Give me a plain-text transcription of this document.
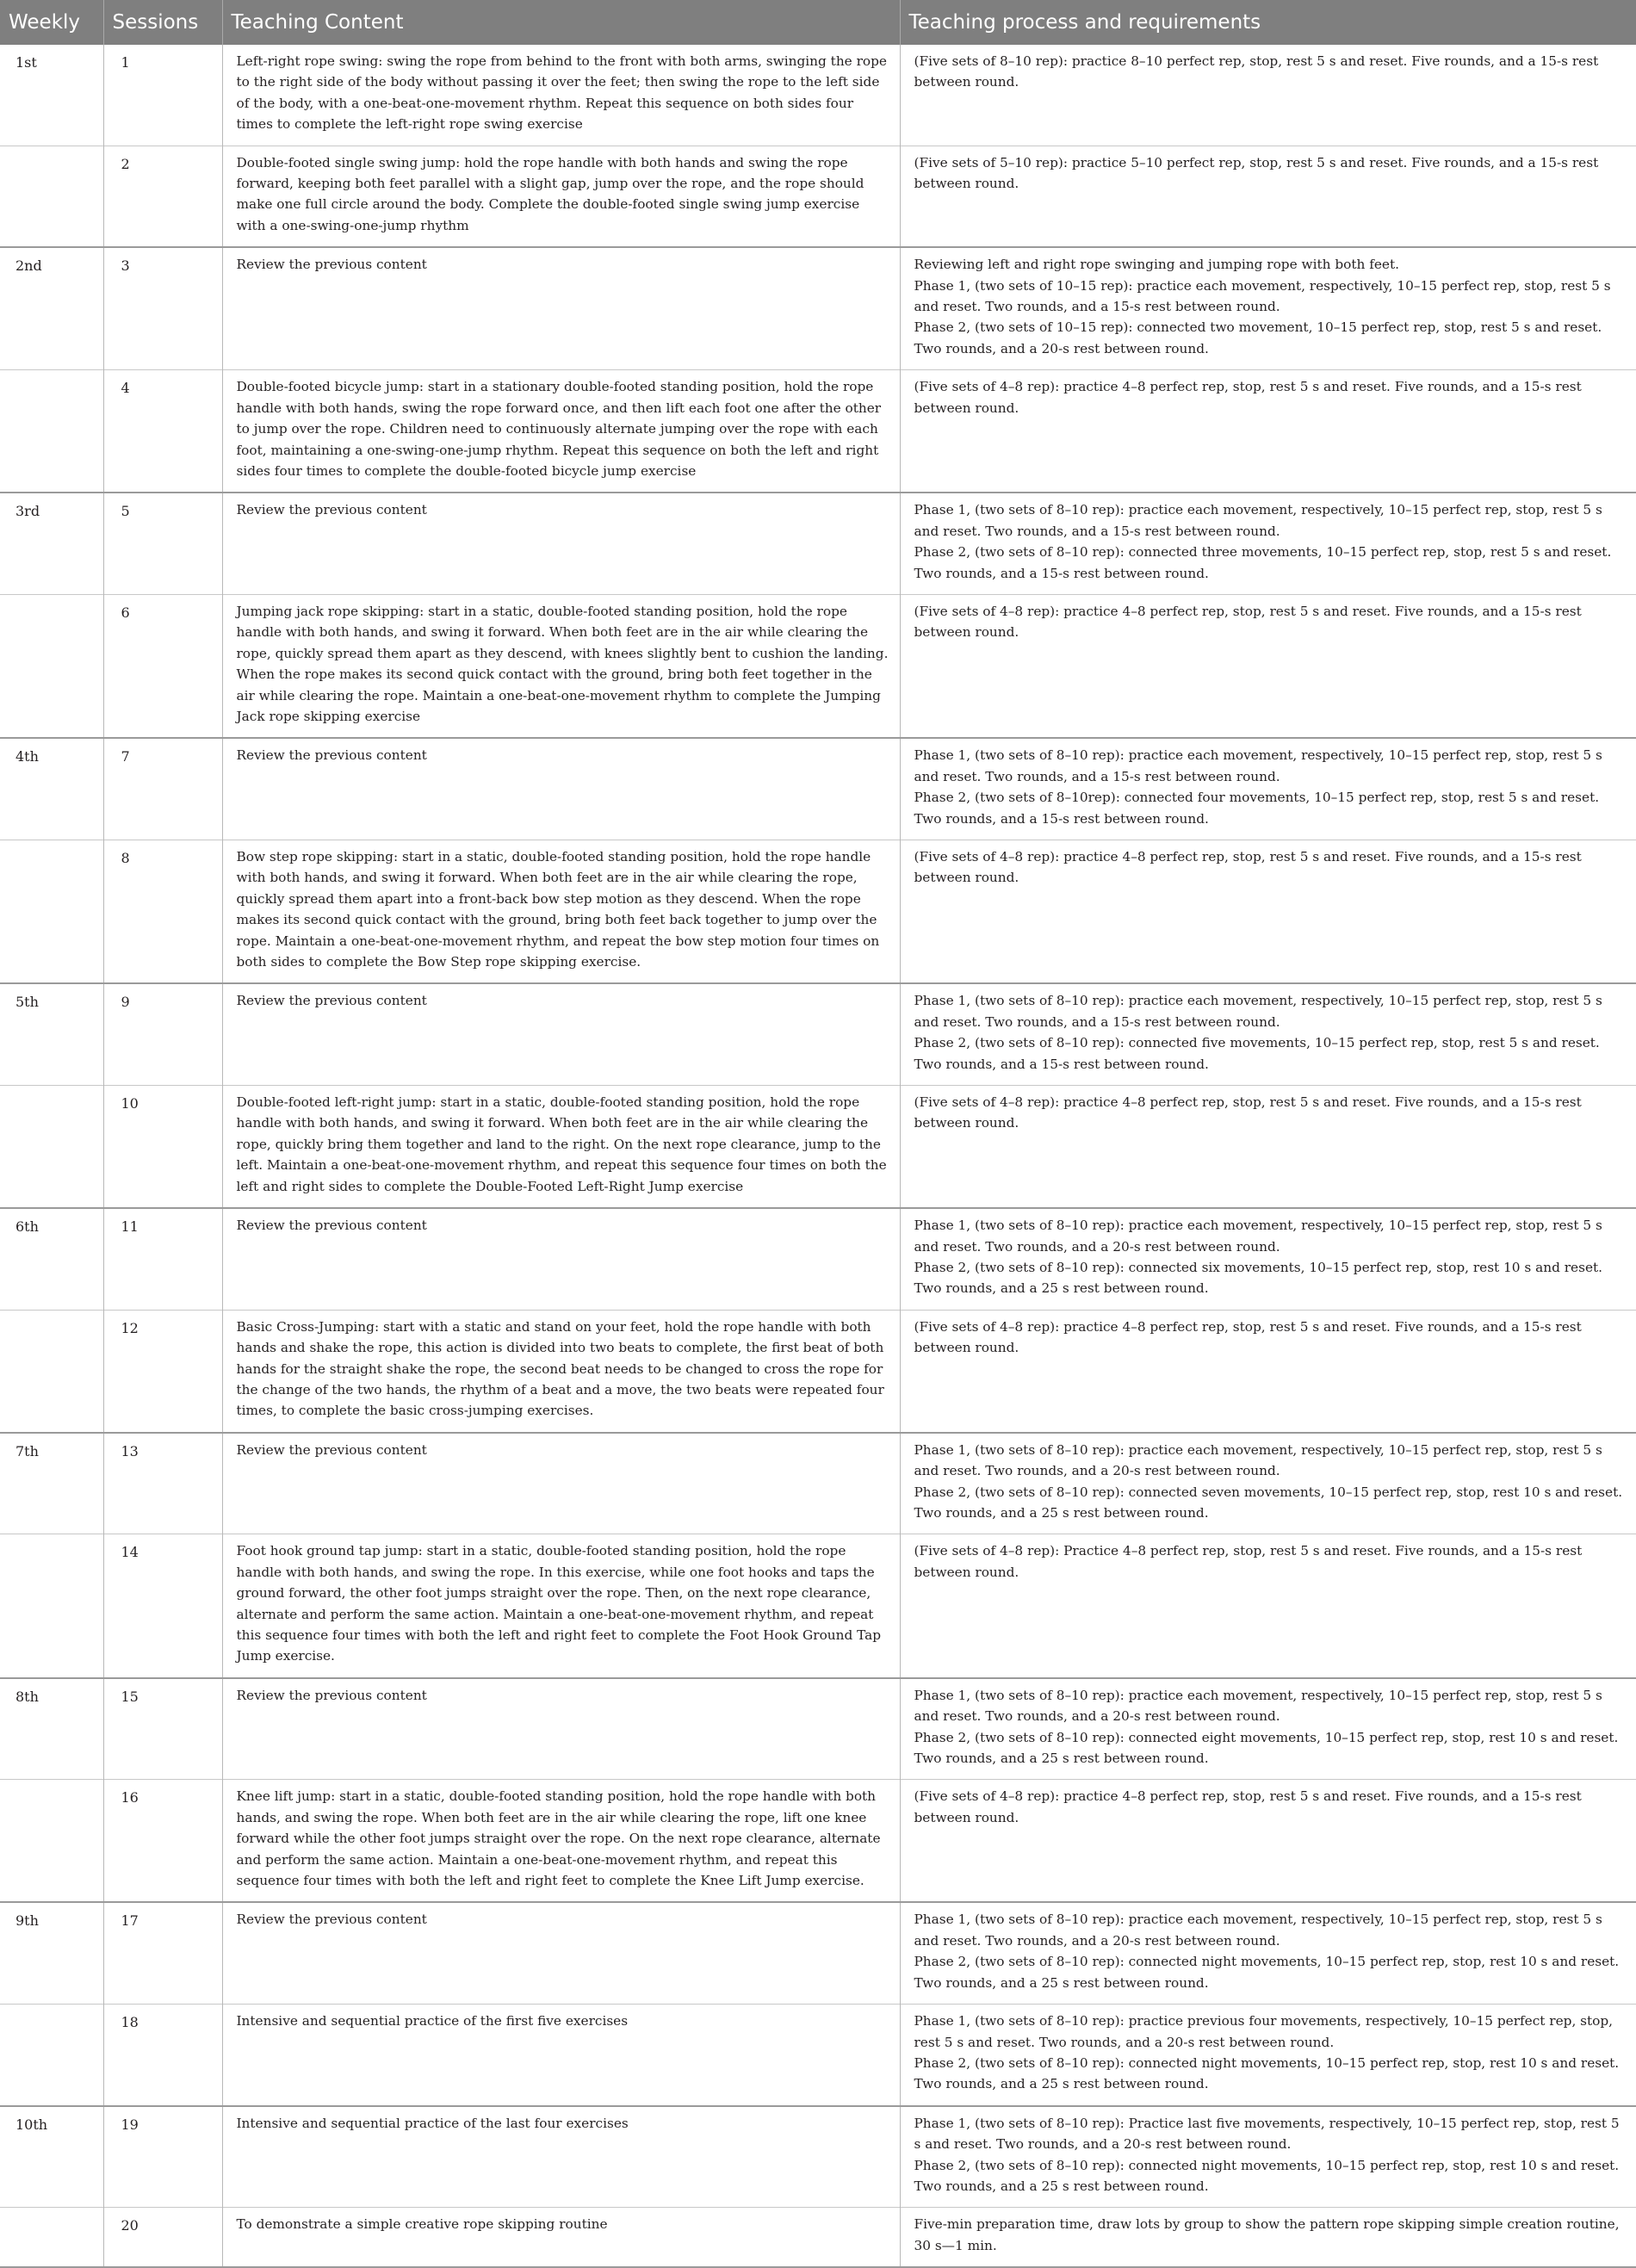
Weekly	Sessions	Teaching Content	Teaching process and requirements
1st	1	Left-right rope swing: swing the rope from behind to the front with both arms, swinging the rope to the right side of the body without passing it over the feet; then swing the rope to the left side of the body, with a one-beat-one-movement rhythm. Repeat this sequence on both sides four times to complete the left-right rope swing exercise	(Five sets of 8–10 rep): practice 8–10 perfect rep, stop, rest 5 s and reset. Five rounds, and a 15-s rest between round.

	2	Double-footed single swing jump: hold the rope handle with both hands and swing the rope forward, keeping both feet parallel with a slight gap, jump over the rope, and the rope should make one full circle around the body. Complete the double-footed single swing jump exercise with a one-swing-one-jump rhythm	(Five sets of 5–10 rep): practice 5–10 perfect rep, stop, rest 5 s and reset. Five rounds, and a 15-s rest between round.

2nd	3	Review the previous content	Reviewing left and right rope swinging and jumping rope with both feet.
Phase 1, (two sets of 10–15 rep): practice each movement, respectively, 10–15 perfect rep, stop, rest 5 s and reset. Two rounds, and a 15-s rest between round.
Phase 2, (two sets of 10–15 rep): connected two movement, 10–15 perfect rep, stop, rest 5 s and reset. Two rounds, and a 20-s rest between round.

	4	Double-footed bicycle jump: start in a stationary double-footed standing position, hold the rope handle with both hands, swing the rope forward once, and then lift each foot one after the other to jump over the rope. Children need to continuously alternate jumping over the rope with each foot, maintaining a one-swing-one-jump rhythm. Repeat this sequence on both the left and right sides four times to complete the double-footed bicycle jump exercise	(Five sets of 4–8 rep): practice 4–8 perfect rep, stop, rest 5 s and reset. Five rounds, and a 15-s rest between round.

3rd	5	Review the previous content	Phase 1, (two sets of 8–10 rep): practice each movement, respectively, 10–15 perfect rep, stop, rest 5 s and reset. Two rounds, and a 15-s rest between round.
Phase 2, (two sets of 8–10 rep): connected three movements, 10–15 perfect rep, stop, rest 5 s and reset. Two rounds, and a 15-s rest between round.

	6	Jumping jack rope skipping: start in a static, double-footed standing position, hold the rope handle with both hands, and swing it forward. When both feet are in the air while clearing the rope, quickly spread them apart as they descend, with knees slightly bent to cushion the landing. When the rope makes its second quick contact with the ground, bring both feet together in the air while clearing the rope. Maintain a one-beat-one-movement rhythm to complete the Jumping Jack rope skipping exercise	(Five sets of 4–8 rep): practice 4–8 perfect rep, stop, rest 5 s and reset. Five rounds, and a 15-s rest between round.

4th	7	Review the previous content	Phase 1, (two sets of 8–10 rep): practice each movement, respectively, 10–15 perfect rep, stop, rest 5 s and reset. Two rounds, and a 15-s rest between round.
Phase 2, (two sets of 8–10rep): connected four movements, 10–15 perfect rep, stop, rest 5 s and reset. Two rounds, and a 15-s rest between round.

	8	Bow step rope skipping: start in a static, double-footed standing position, hold the rope handle with both hands, and swing it forward. When both feet are in the air while clearing the rope, quickly spread them apart into a front-back bow step motion as they descend. When the rope makes its second quick contact with the ground, bring both feet back together to jump over the rope. Maintain a one-beat-one-movement rhythm, and repeat the bow step motion four times on both sides to complete the Bow Step rope skipping exercise.	(Five sets of 4–8 rep): practice 4–8 perfect rep, stop, rest 5 s and reset. Five rounds, and a 15-s rest between round.

5th	9	Review the previous content	Phase 1, (two sets of 8–10 rep): practice each movement, respectively, 10–15 perfect rep, stop, rest 5 s and reset. Two rounds, and a 15-s rest between round.
Phase 2, (two sets of 8–10 rep): connected five movements, 10–15 perfect rep, stop, rest 5 s and reset. Two rounds, and a 15-s rest between round.

	10	Double-footed left-right jump: start in a static, double-footed standing position, hold the rope handle with both hands, and swing it forward. When both feet are in the air while clearing the rope, quickly bring them together and land to the right. On the next rope clearance, jump to the left. Maintain a one-beat-one-movement rhythm, and repeat this sequence four times on both the left and right sides to complete the Double-Footed Left-Right Jump exercise	(Five sets of 4–8 rep): practice 4–8 perfect rep, stop, rest 5 s and reset. Five rounds, and a 15-s rest between round.

6th	11	Review the previous content	Phase 1, (two sets of 8–10 rep): practice each movement, respectively, 10–15 perfect rep, stop, rest 5 s and reset. Two rounds, and a 20-s rest between round.
Phase 2, (two sets of 8–10 rep): connected six movements, 10–15 perfect rep, stop, rest 10 s and reset. Two rounds, and a 25 s rest between round.

	12	Basic Cross-Jumping: start with a static and stand on your feet, hold the rope handle with both hands and shake the rope, this action is divided into two beats to complete, the first beat of both hands for the straight shake the rope, the second beat needs to be changed to cross the rope for the change of the two hands, the rhythm of a beat and a move, the two beats were repeated four times, to complete the basic cross-jumping exercises.	(Five sets of 4–8 rep): practice 4–8 perfect rep, stop, rest 5 s and reset. Five rounds, and a 15-s rest between round.

7th	13	Review the previous content	Phase 1, (two sets of 8–10 rep): practice each movement, respectively, 10–15 perfect rep, stop, rest 5 s and reset. Two rounds, and a 20-s rest between round.
Phase 2, (two sets of 8–10 rep): connected seven movements, 10–15 perfect rep, stop, rest 10 s and reset. Two rounds, and a 25 s rest between round.

	14	Foot hook ground tap jump: start in a static, double-footed standing position, hold the rope handle with both hands, and swing the rope. In this exercise, while one foot hooks and taps the ground forward, the other foot jumps straight over the rope. Then, on the next rope clearance, alternate and perform the same action. Maintain a one-beat-one-movement rhythm, and repeat this sequence four times with both the left and right feet to complete the Foot Hook Ground Tap Jump exercise.	(Five sets of 4–8 rep): Practice 4–8 perfect rep, stop, rest 5 s and reset. Five rounds, and a 15-s rest between round.

8th	15	Review the previous content	Phase 1, (two sets of 8–10 rep): practice each movement, respectively, 10–15 perfect rep, stop, rest 5 s and reset. Two rounds, and a 20-s rest between round.
Phase 2, (two sets of 8–10 rep): connected eight movements, 10–15 perfect rep, stop, rest 10 s and reset. Two rounds, and a 25 s rest between round.

	16	Knee lift jump: start in a static, double-footed standing position, hold the rope handle with both hands, and swing the rope. When both feet are in the air while clearing the rope, lift one knee forward while the other foot jumps straight over the rope. On the next rope clearance, alternate and perform the same action. Maintain a one-beat-one-movement rhythm, and repeat this sequence four times with both the left and right feet to complete the Knee Lift Jump exercise.	(Five sets of 4–8 rep): practice 4–8 perfect rep, stop, rest 5 s and reset. Five rounds, and a 15-s rest between round.

9th	17	Review the previous content	Phase 1, (two sets of 8–10 rep): practice each movement, respectively, 10–15 perfect rep, stop, rest 5 s and reset. Two rounds, and a 20-s rest between round.
Phase 2, (two sets of 8–10 rep): connected night movements, 10–15 perfect rep, stop, rest 10 s and reset. Two rounds, and a 25 s rest between round.

	18	Intensive and sequential practice of the first five exercises	Phase 1, (two sets of 8–10 rep): practice previous four movements, respectively, 10–15 perfect rep, stop, rest 5 s and reset. Two rounds, and a 20-s rest between round.
Phase 2, (two sets of 8–10 rep): connected night movements, 10–15 perfect rep, stop, rest 10 s and reset. Two rounds, and a 25 s rest between round.

10th	19	Intensive and sequential practice of the last four exercises	Phase 1, (two sets of 8–10 rep): Practice last five movements, respectively, 10–15 perfect rep, stop, rest 5 s and reset. Two rounds, and a 20-s rest between round.
Phase 2, (two sets of 8–10 rep): connected night movements, 10–15 perfect rep, stop, rest 10 s and reset. Two rounds, and a 25 s rest between round.

	20	To demonstrate a simple creative rope skipping routine	Five-min preparation time, draw lots by group to show the pattern rope skipping simple creation routine, 30 s—1 min.
